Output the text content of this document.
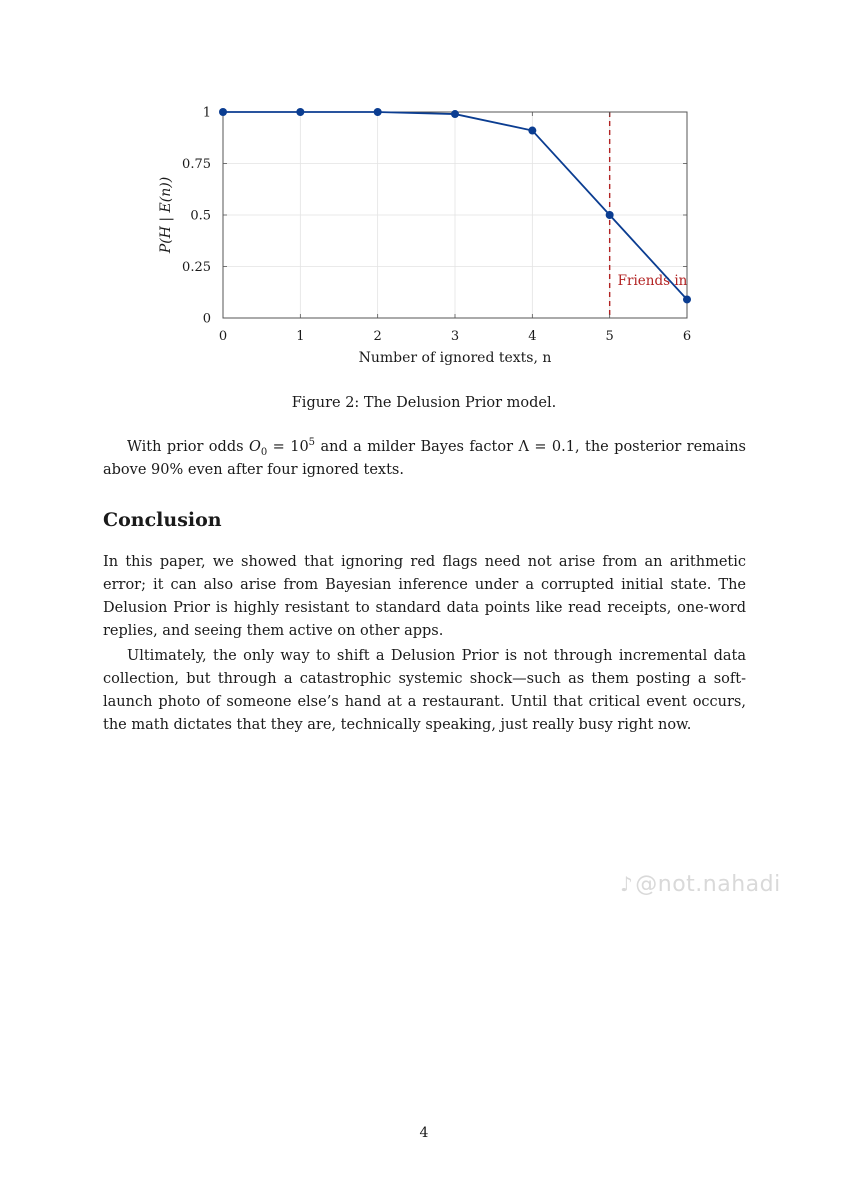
Friends in
0
0.25
0.5
0.75
1
0	1	2	3	4	5	6
Number of ignored texts, n
P(H | E(n))
Figure 2: The Delusion Prior model.

With prior odds $O_0 = 10^5$ and a milder Bayes factor Λ = 0.1, the posterior remains above 90% even after four ignored texts.

Conclusion

In this paper, we showed that ignoring red flags need not arise from an arithmetic error; it can also arise from Bayesian inference under a corrupted initial state. The Delusion Prior is highly resistant to standard data points like read receipts, one-word replies, and seeing them active on other apps.

Ultimately, the only way to shift a Delusion Prior is not through incremental data collection, but through a catastrophic systemic shock—such as them posting a soft-launch photo of someone else’s hand at a restaurant. Until that critical event occurs, the math dictates that they are, technically speaking, just really busy right now.

♪@not.nahadi
4
